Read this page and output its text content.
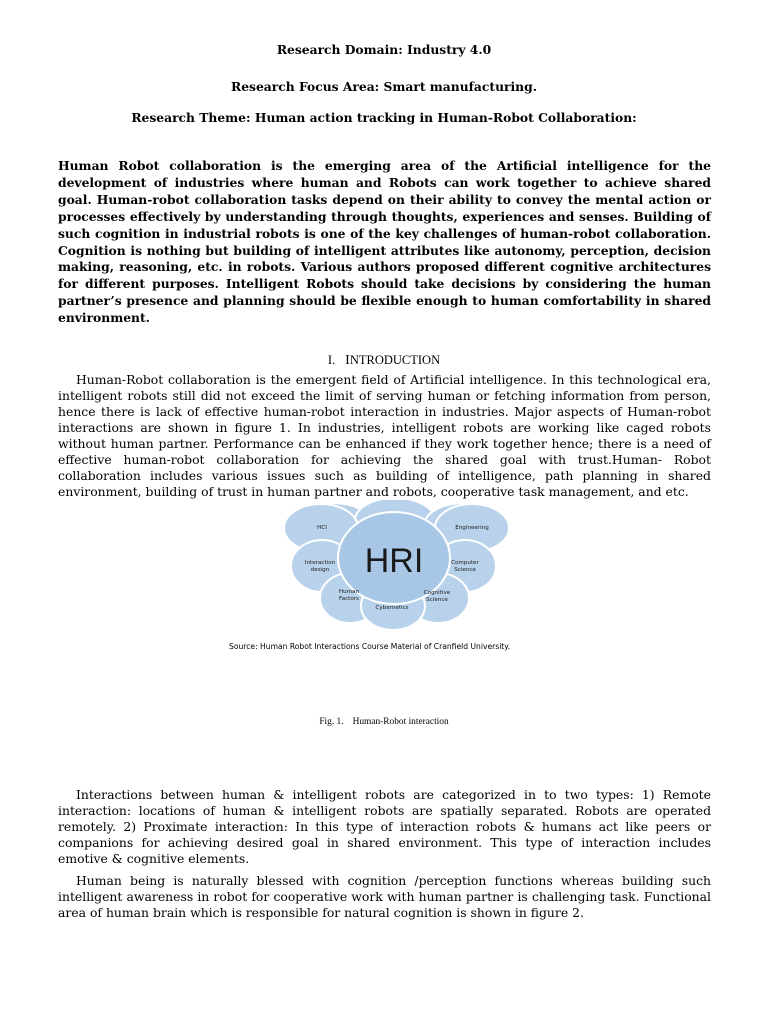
Research Domain: Industry 4.0
Research Focus Area: Smart manufacturing.
Research Theme: Human action tracking in Human-Robot Collaboration:

Human Robot collaboration is the emerging area of the Artificial intelligence for the development of industries where human and Robots can work together to achieve shared goal. Human-robot collaboration tasks depend on their ability to convey the mental action or processes effectively by understanding through thoughts, experiences and senses. Building of such cognition in industrial robots is one of the key challenges of human-robot collaboration. Cognition is nothing but building of intelligent attributes like autonomy, perception, decision making, reasoning, etc. in robots. Various authors proposed different cognitive architectures for different purposes. Intelligent Robots should take decisions by considering the human partner’s presence and planning should be flexible enough to human comfortability in shared environment.

I. INTRODUCTION

Human-Robot collaboration is the emergent field of Artificial intelligence. In this technological era, intelligent robots still did not exceed the limit of serving human or fetching information from person, hence there is lack of effective human-robot interaction in industries. Major aspects of Human-robot interactions are shown in figure 1. In industries, intelligent robots are working like caged robots without human partner. Performance can be enhanced if they work together hence; there is a need of effective human-robot collaboration for achieving the shared goal with trust.Human- Robot collaboration includes various issues such as building of intelligence, path planning in shared environment, building of trust in human partner and robots, cooperative task management, and etc.

HRI
HCI	Engineering
Interaction
design
Computer
Science
Human
Factors
Cybernetics
Cognitive
Science
Source: Human Robot Interactions Course Material of Cranfield University.
Fig. 1. Human-Robot interaction

Interactions between human & intelligent robots are categorized in to two types: 1) Remote interaction: locations of human & intelligent robots are spatially separated. Robots are operated remotely. 2) Proximate interaction: In this type of interaction robots & humans act like peers or companions for achieving desired goal in shared environment. This type of interaction includes emotive & cognitive elements.

Human being is naturally blessed with cognition /perception functions whereas building such intelligent awareness in robot for cooperative work with human partner is challenging task. Functional area of human brain which is responsible for natural cognition is shown in figure 2.
